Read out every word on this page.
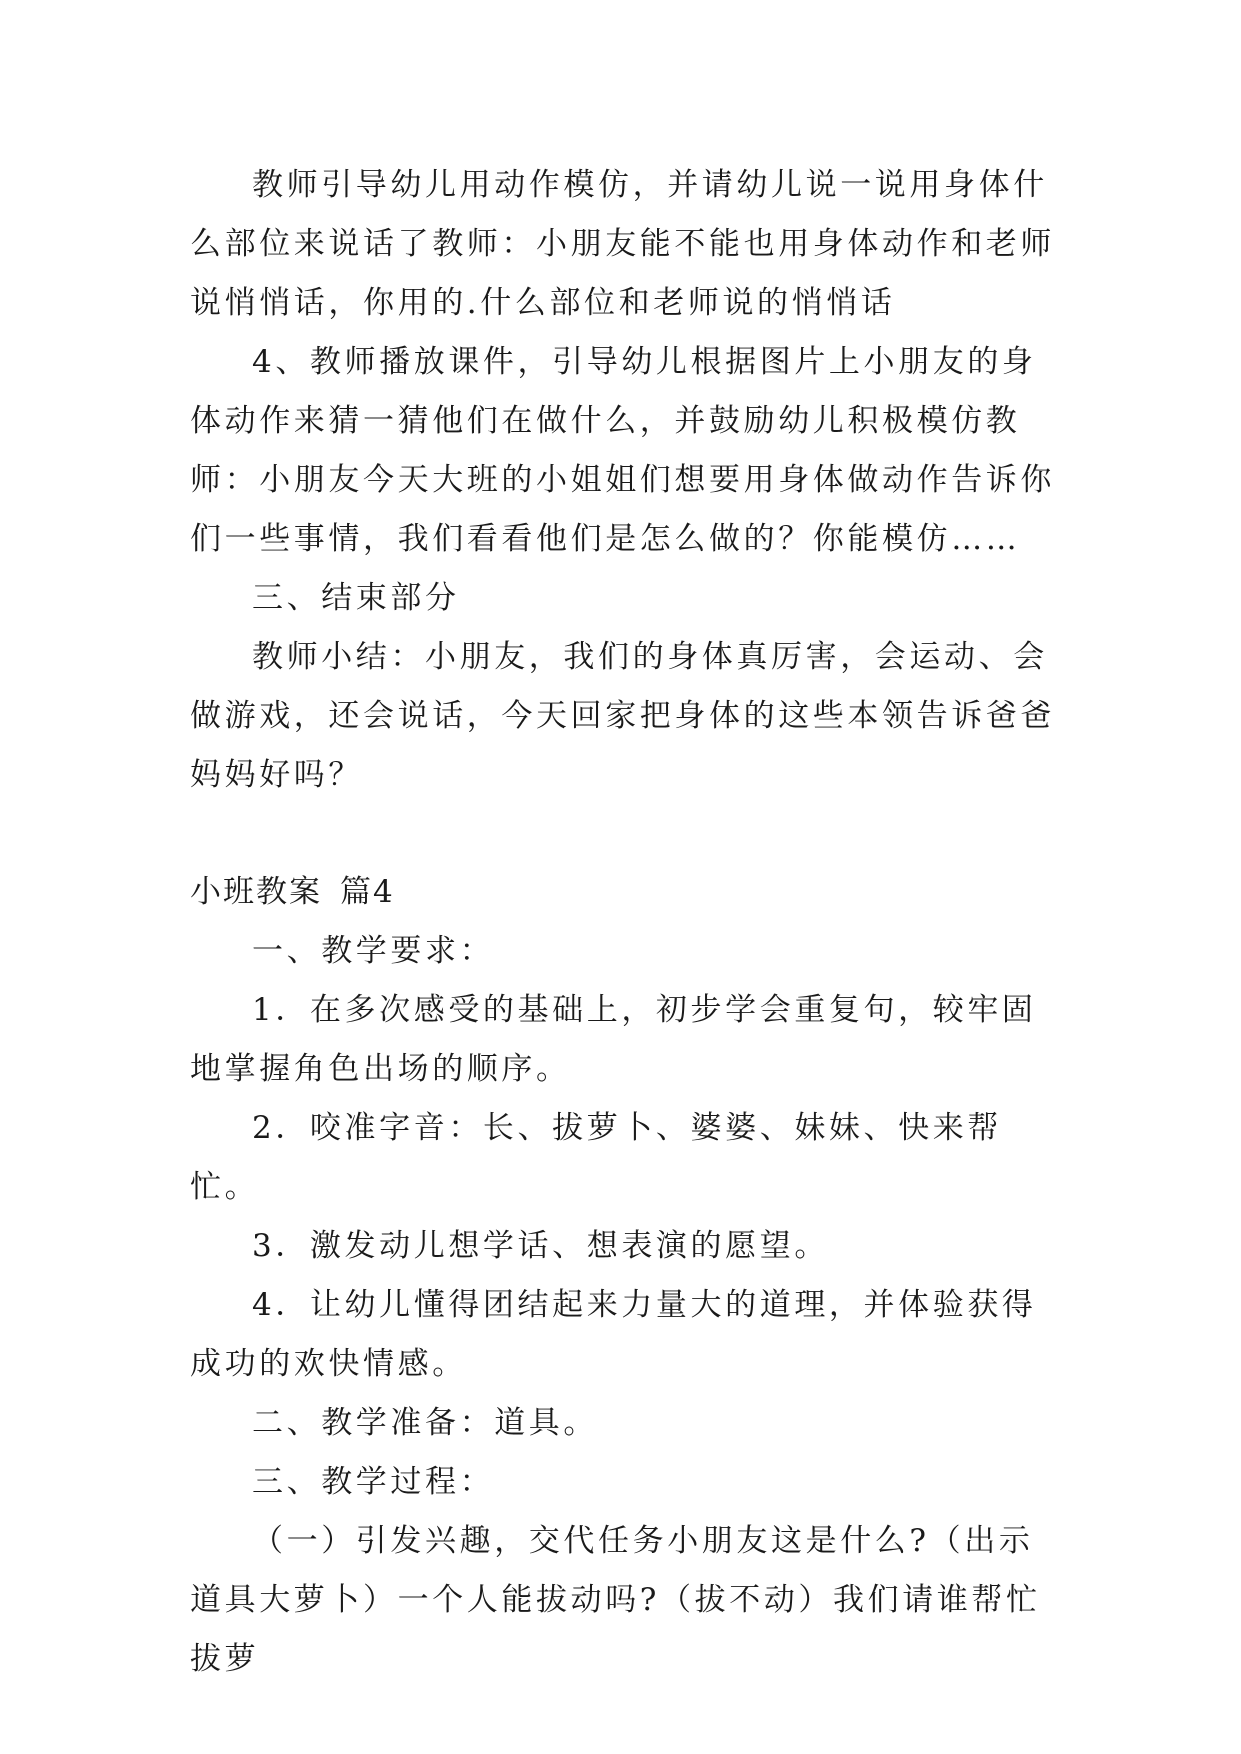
教师引导幼儿用动作模仿，并请幼儿说一说用身体什么部位来说话了教师：小朋友能不能也用身体动作和老师说悄悄话，你用的.什么部位和老师说的悄悄话

4、教师播放课件，引导幼儿根据图片上小朋友的身体动作来猜一猜他们在做什么，并鼓励幼儿积极模仿教师：小朋友今天大班的小姐姐们想要用身体做动作告诉你们一些事情，我们看看他们是怎么做的？你能模仿……

三、结束部分

教师小结：小朋友，我们的身体真厉害，会运动、会做游戏，还会说话，今天回家把身体的这些本领告诉爸爸妈妈好吗？

小班教案 篇4

一、教学要求：

1．在多次感受的基础上，初步学会重复句，较牢固地掌握角色出场的顺序。

2．咬准字音：长、拔萝卜、婆婆、妹妹、快来帮忙。

3．激发动儿想学话、想表演的愿望。

4．让幼儿懂得团结起来力量大的道理，并体验获得成功的欢快情感。

二、教学准备：道具。

三、教学过程：

（一）引发兴趣，交代任务小朋友这是什么?（出示道具大萝卜）一个人能拔动吗?（拔不动）我们请谁帮忙拔萝
